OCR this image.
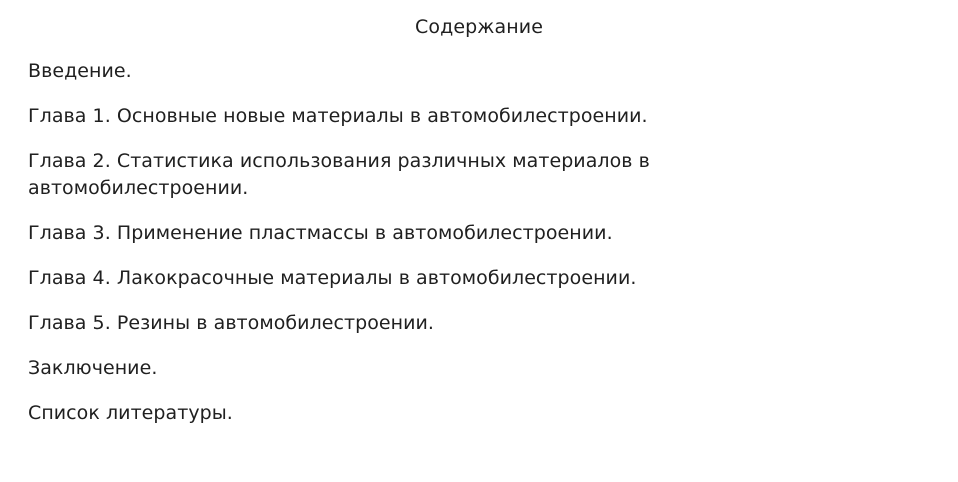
Содержание
Введение.
Глава 1. Основные новые материалы в автомобилестроении.
Глава 2. Статистика использования различных материалов в автомобилестроении.
Глава 3. Применение пластмассы в автомобилестроении.
Глава 4. Лакокрасочные материалы в автомобилестроении.
Глава 5. Резины в автомобилестроении.
Заключение.
Список литературы.
